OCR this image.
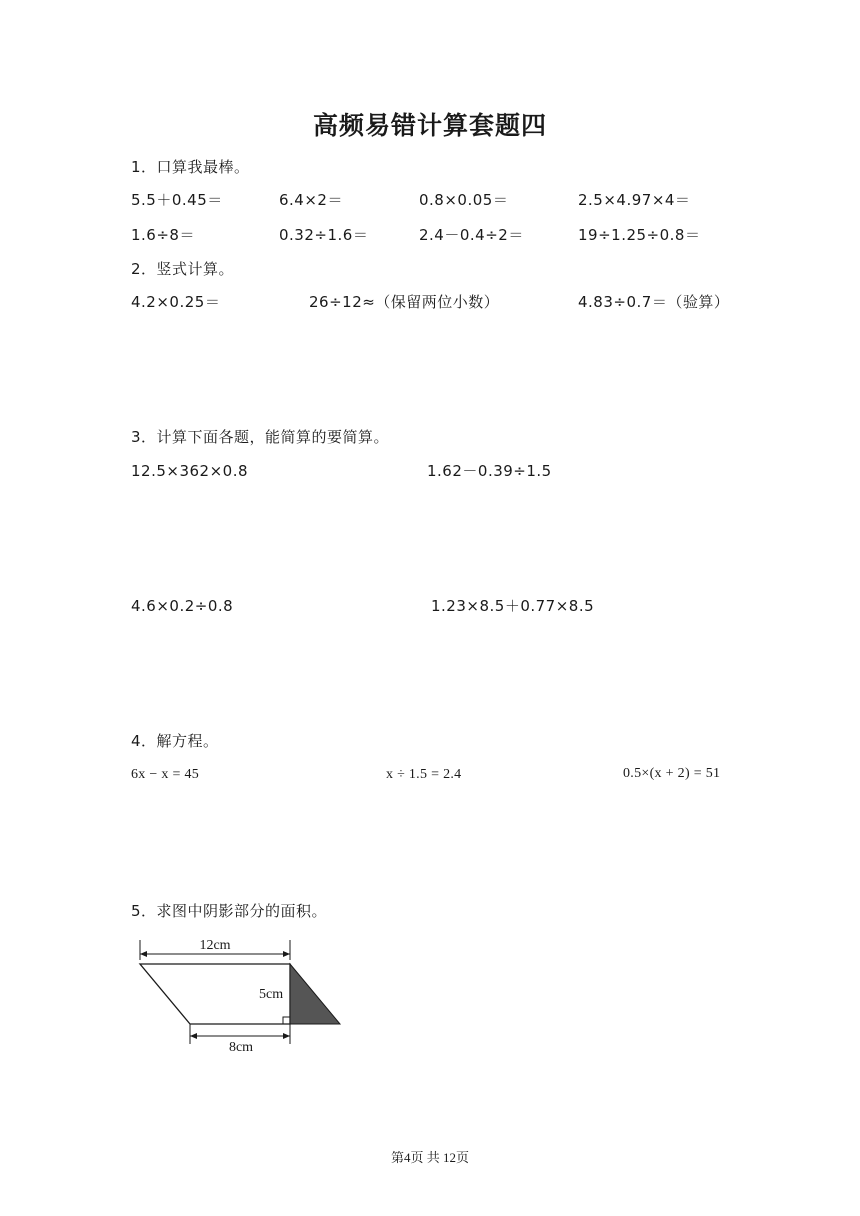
高频易错计算套题四
1．口算我最棒。
5.5＋0.45＝	6.4×2＝	0.8×0.05＝	2.5×4.97×4＝
1.6÷8＝	0.32÷1.6＝	2.4－0.4÷2＝	19÷1.25÷0.8＝
2．竖式计算。
4.2×0.25＝	26÷12≈（保留两位小数）	4.83÷0.7＝（验算）
3．计算下面各题，能简算的要简算。
12.5×362×0.8	1.62－0.39÷1.5
4.6×0.2÷0.8	1.23×8.5＋0.77×8.5
4．解方程。
6x − x = 45	x ÷ 1.5 = 2.4	0.5×(x + 2) = 51
5．求图中阴影部分的面积。
12cm
5cm
8cm
第4页 共 12页
